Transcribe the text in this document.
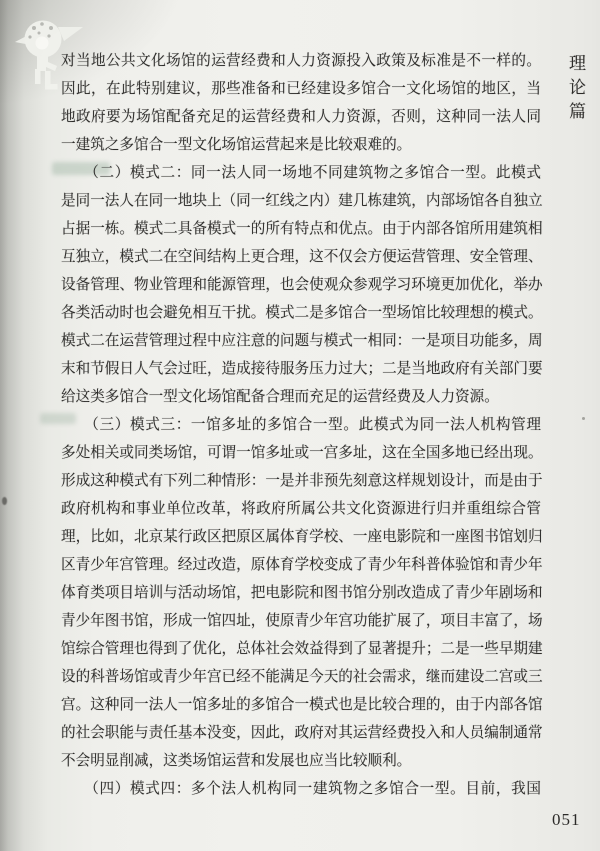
对当地公共文化场馆的运营经费和人力资源投入政策及标准是不一样的。
因此，在此特别建议，那些准备和已经建设多馆合一文化场馆的地区，当
地政府要为场馆配备充足的运营经费和人力资源，否则，这种同一法人同
一建筑之多馆合一型文化场馆运营起来是比较艰难的。
　　（二）模式二：同一法人同一场地不同建筑物之多馆合一型。此模式
是同一法人在同一地块上（同一红线之内）建几栋建筑，内部场馆各自独立
占据一栋。模式二具备模式一的所有特点和优点。由于内部各馆所用建筑相
互独立，模式二在空间结构上更合理，这不仅会方便运营管理、安全管理、
设备管理、物业管理和能源管理，也会使观众参观学习环境更加优化，举办
各类活动时也会避免相互干扰。模式二是多馆合一型场馆比较理想的模式。
模式二在运营管理过程中应注意的问题与模式一相同：一是项目功能多，周
末和节假日人气会过旺，造成接待服务压力过大；二是当地政府有关部门要
给这类多馆合一型文化场馆配备合理而充足的运营经费及人力资源。
　　（三）模式三：一馆多址的多馆合一型。此模式为同一法人机构管理
多处相关或同类场馆，可谓一馆多址或一宫多址，这在全国多地已经出现。
形成这种模式有下列二种情形：一是并非预先刻意这样规划设计，而是由于
政府机构和事业单位改革，将政府所属公共文化资源进行归并重组综合管
理，比如，北京某行政区把原区属体育学校、一座电影院和一座图书馆划归
区青少年宫管理。经过改造，原体育学校变成了青少年科普体验馆和青少年
体育类项目培训与活动场馆，把电影院和图书馆分别改造成了青少年剧场和
青少年图书馆，形成一馆四址，使原青少年宫功能扩展了，项目丰富了，场
馆综合管理也得到了优化，总体社会效益得到了显著提升；二是一些早期建
设的科普场馆或青少年宫已经不能满足今天的社会需求，继而建设二宫或三
宫。这种同一法人一馆多址的多馆合一模式也是比较合理的，由于内部各馆
的社会职能与责任基本没变，因此，政府对其运营经费投入和人员编制通常
不会明显削减，这类场馆运营和发展也应当比较顺利。
　　（四）模式四：多个法人机构同一建筑物之多馆合一型。目前，我国
理论篇
051
